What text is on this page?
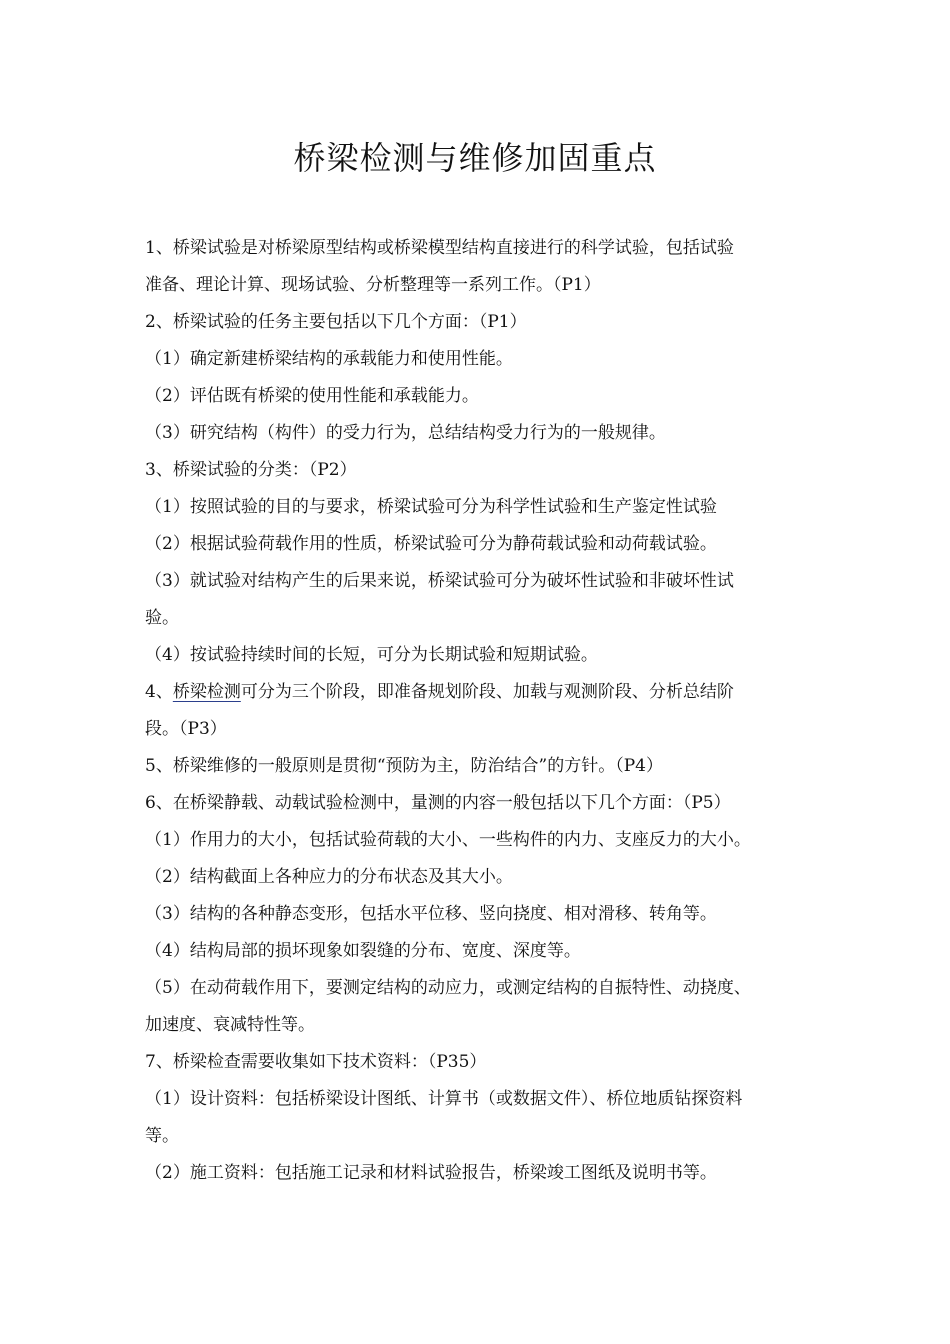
桥梁检测与维修加固重点
1、桥梁试验是对桥梁原型结构或桥梁模型结构直接进行的科学试验，包括试验
准备、理论计算、现场试验、分析整理等一系列工作。（P1）
2、桥梁试验的任务主要包括以下几个方面：（P1）
（1）确定新建桥梁结构的承载能力和使用性能。
（2）评估既有桥梁的使用性能和承载能力。
（3）研究结构（构件）的受力行为，总结结构受力行为的一般规律。
3、桥梁试验的分类：（P2）
（1）按照试验的目的与要求，桥梁试验可分为科学性试验和生产鉴定性试验
（2）根据试验荷载作用的性质，桥梁试验可分为静荷载试验和动荷载试验。
（3）就试验对结构产生的后果来说，桥梁试验可分为破坏性试验和非破坏性试
验。
（4）按试验持续时间的长短，可分为长期试验和短期试验。
4、桥梁检测可分为三个阶段，即准备规划阶段、加载与观测阶段、分析总结阶
段。（P3）
5、桥梁维修的一般原则是贯彻“预防为主，防治结合”的方针。（P4）
6、在桥梁静载、动载试验检测中，量测的内容一般包括以下几个方面：（P5）
（1）作用力的大小，包括试验荷载的大小、一些构件的内力、支座反力的大小。
（2）结构截面上各种应力的分布状态及其大小。
（3）结构的各种静态变形，包括水平位移、竖向挠度、相对滑移、转角等。
（4）结构局部的损坏现象如裂缝的分布、宽度、深度等。
（5）在动荷载作用下，要测定结构的动应力，或测定结构的自振特性、动挠度、
加速度、衰减特性等。
7、桥梁检查需要收集如下技术资料：（P35）
（1）设计资料：包括桥梁设计图纸、计算书（或数据文件）、桥位地质钻探资料
等。
（2）施工资料：包括施工记录和材料试验报告，桥梁竣工图纸及说明书等。
